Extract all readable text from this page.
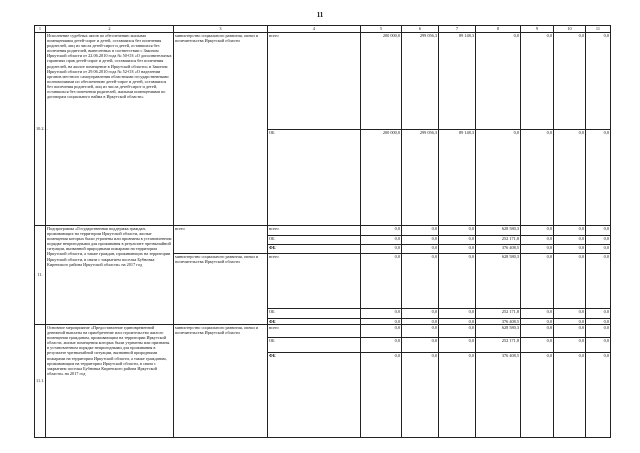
11
1	2	3	4	5	6	7	8	9	10	11
10.2.1.	Исполнение судебных актов по обеспечению жилыми помещениями детей-сирот и детей, оставшихся без попечения родителей, лиц из числа детей-сирот и детей, оставшихся без попечения родителей, вынесенных в соответствии с Законом Иркутской области от 22.06.2010 года № 50-ОЗ «О дополнительных гарантиях прав детей-сирот и детей, оставшихся без попечения родителей, на жилое помещение в Иркутской области» и Законом Иркутской области от 29.06.2010 года № 52-ОЗ «О наделении органов местного самоуправления областными государственными полномочиями по обеспечению детей-сирот и детей, оставшихся без попечения родителей, лиц из числа детей-сирот и детей, оставшихся без попечения родителей, жилыми помещениями по договорам социального найма в Иркутской области»	министерство социального развития, опеки и попечительства Иркутской области	всего	200 000,0	299 056,3	89 148,3	0,0	0,0	0,0	0,0
			ОБ	200 000,0	299 056,3	89 148,3	0,0	0,0	0,0	0,0
11.	Подпрограмма «Государственная поддержка граждан, проживающих на территории Иркутской области, жилые помещения которых были утрачены или признаны в установленном порядке непригодными для проживания в результате чрезвычайной ситуации, вызванной природными пожарами на территории Иркутской области, а также граждан, проживающих на территории Иркутской области, в связи с закрытием поселка Бубновка Киренского района Иркутской области» на 2017 год	всего	всего	0,0	0,0	0,0	628 580,3	0,0	0,0	0,0
			ОБ	0,0	0,0	0,0	252 171,8	0,0	0,0	0,0
			ФБ	0,0	0,0	0,0	376 408,5	0,0	0,0	0,0
		министерство социального развития, опеки и попечительства Иркутской области	всего	0,0	0,0	0,0	628 580,3	0,0	0,0	0,0
			ОБ	0,0	0,0	0,0	252 171,8	0,0	0,0	0,0
			ФБ	0,0	0,0	0,0	376 408,5	0,0	0,0	0,0
11.1.	Основное мероприятие «Предоставление единовременной денежной выплаты на приобретение или строительство жилого помещения гражданам, проживающим на территории Иркутской области, жилые помещения которых были утрачены или признаны в установленном порядке непригодными для проживания в результате чрезвычайной ситуации, вызванной природными пожарами на территории Иркутской области, а также гражданам, проживающим на территории Иркутской области, в связи с закрытием поселка Бубновка Киренского района Иркутской области» на 2017 год	министерство социального развития, опеки и попечительства Иркутской области	всего	0,0	0,0	0,0	628 580,3	0,0	0,0	0,0
			ОБ	0,0	0,0	0,0	252 171,8	0,0	0,0	0,0
			ФБ	0,0	0,0	0,0	376 408,5	0,0	0,0	0,0
